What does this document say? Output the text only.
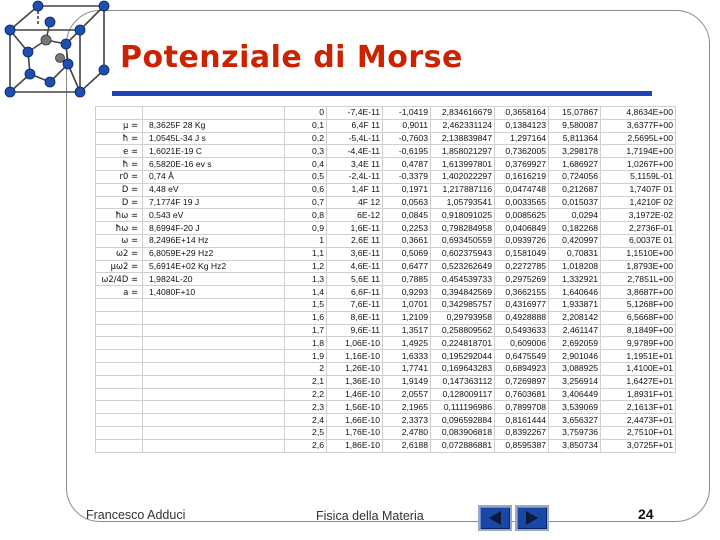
Potenziale di Morse
		0	-7,4E-11	-1,0419	2,834616679	0,3658164	15,07867	4,8634E+00
μ =	8,3625F 28 Kg	0,1	6,4F 11	0,9011	2,462331124	0,1384123	9,580087	3,6377F+00
ħ =	1,0545L-34 J s	0,2	-5,4L-11	-0,7603	2,138839847	1,297164	5,811364	2,5695L+00
e =	1,6021E-19 C	0,3	-4,4E-11	-0,6195	1,858021297	0,7362005	3,298178	1,7194E+00
ħ =	6,5820E-16 ev s	0,4	3,4E 11	0,4787	1,613997801	0,3769927	1,686927	1,0267F+00
r0 =	0,74 Å	0,5	-2,4L-11	-0,3379	1,402022297	0,1616219	0,724056	5,1159L-01
D =	4,48 eV	0,6	1,4F 11	0,1971	1,217887116	0,0474748	0,212687	1,7407F 01
D =	7,1774F 19 J	0,7	4F 12	0,0563	1,05793541	0,0033565	0,015037	1,4210F 02
ħω =	0,543 eV	0,8	6E-12	0,0845	0,918091025	0,0085625	0,0294	3,1972E-02
ħω =	8,6994F-20 J	0,9	1,6E-11	0,2253	0,798284958	0,0406849	0,182268	2,2736F-01
ω =	8,2496E+14 Hz	1	2,6E 11	0,3661	0,693450559	0,0939726	0,420997	6,0037E 01
ω2 =	6,8059E+29 Hz2	1,1	3,6E-11	0,5069	0,602375943	0,1581049	0,70831	1,1510E+00
μω2 =	5,6914E+02 Kg Hz2	1,2	4,6E-11	0,6477	0,523262649	0,2272785	1,018208	1,8793E+00
ω2/4D =	1,9824L-20	1,3	5,6E 11	0,7885	0,454539733	0,2975269	1,332921	2,7851L+00
a =	1,4080F+10	1,4	6,6F-11	0,9293	0,394842569	0,3662155	1,640646	3,8687F+00
		1,5	7,6E-11	1,0701	0,342985757	0,4316977	1,933871	5,1268F+00
		1,6	8,6E-11	1,2109	0,29793958	0,4928888	2,208142	6,5668F+00
		1,7	9,6E-11	1,3517	0,258809562	0,5493633	2,461147	8,1849F+00
		1,8	1,06E-10	1,4925	0,224818701	0,609006	2,692059	9,9789F+00
		1,9	1,16E-10	1,6333	0,195292044	0,6475549	2,901046	1,1951E+01
		2	1,26E-10	1,7741	0,169643283	0,6894923	3,088925	1,4100E+01
		2,1	1,36E-10	1,9149	0,147363112	0,7269897	3,256914	1,6427E+01
		2,2	1,46E-10	2,0557	0,128009117	0,7603681	3,406449	1,8931F+01
		2,3	1,56E-10	2,1965	0,111196986	0,7899708	3,539069	2,1613F+01
		2,4	1,66E-10	2,3373	0,096592884	0,8161444	3,656327	2,4473F+01
		2,5	1,76E-10	2,4780	0,083906818	0,8392267	3,759736	2,7510F+01
		2,6	1,86E-10	2,6188	0,072886881	0,8595387	3,850734	3,0725F+01
Francesco Adduci	Fisica della Materia	24
